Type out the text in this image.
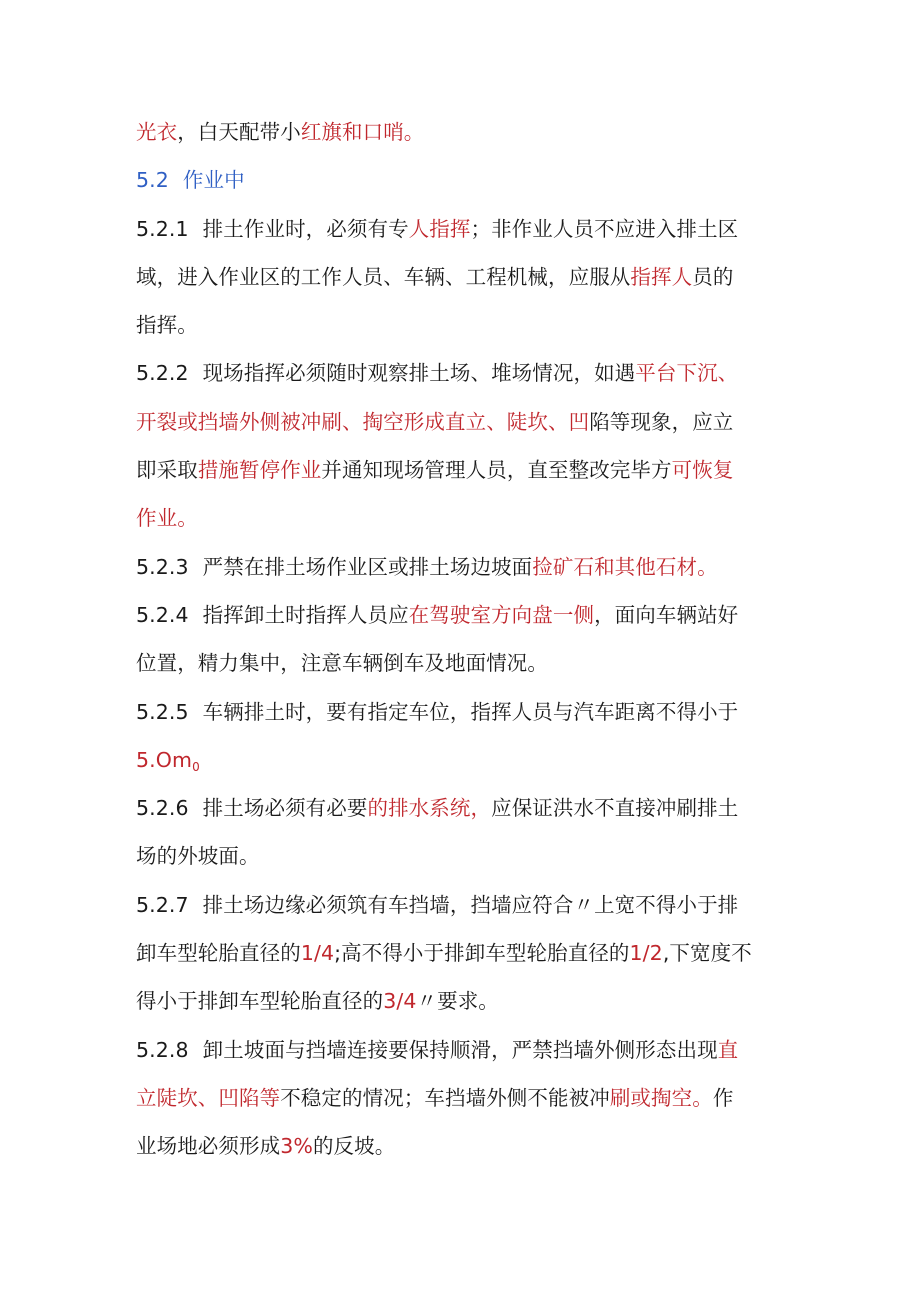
光衣，白天配带小红旗和口哨。
5.2 作业中
5.2.1 排土作业时，必须有专人指挥；非作业人员不应进入排土区
域，进入作业区的工作人员、车辆、工程机械，应服从指挥人员的
指挥。
5.2.2 现场指挥必须随时观察排土场、堆场情况，如遇平台下沉、
开裂或挡墙外侧被冲刷、掏空形成直立、陡坎、凹陷等现象，应立
即采取措施暂停作业并通知现场管理人员，直至整改完毕方可恢复
作业。
5.2.3 严禁在排土场作业区或排土场边坡面捡矿石和其他石材。
5.2.4 指挥卸土时指挥人员应在驾驶室方向盘一侧，面向车辆站好
位置，精力集中，注意车辆倒车及地面情况。
5.2.5 车辆排土时，要有指定车位，指挥人员与汽车距离不得小于
$5.Om_0$
5.2.6 排土场必须有必要的排水系统，应保证洪水不直接冲刷排土
场的外坡面。
5.2.7 排土场边缘必须筑有车挡墙，挡墙应符合〃上宽不得小于排
卸车型轮胎直径的1/4;高不得小于排卸车型轮胎直径的1/2,下宽度不
得小于排卸车型轮胎直径的3/4〃要求。
5.2.8 卸土坡面与挡墙连接要保持顺滑，严禁挡墙外侧形态出现直
立陡坎、凹陷等不稳定的情况；车挡墙外侧不能被冲刷或掏空。作
业场地必须形成3%的反坡。
